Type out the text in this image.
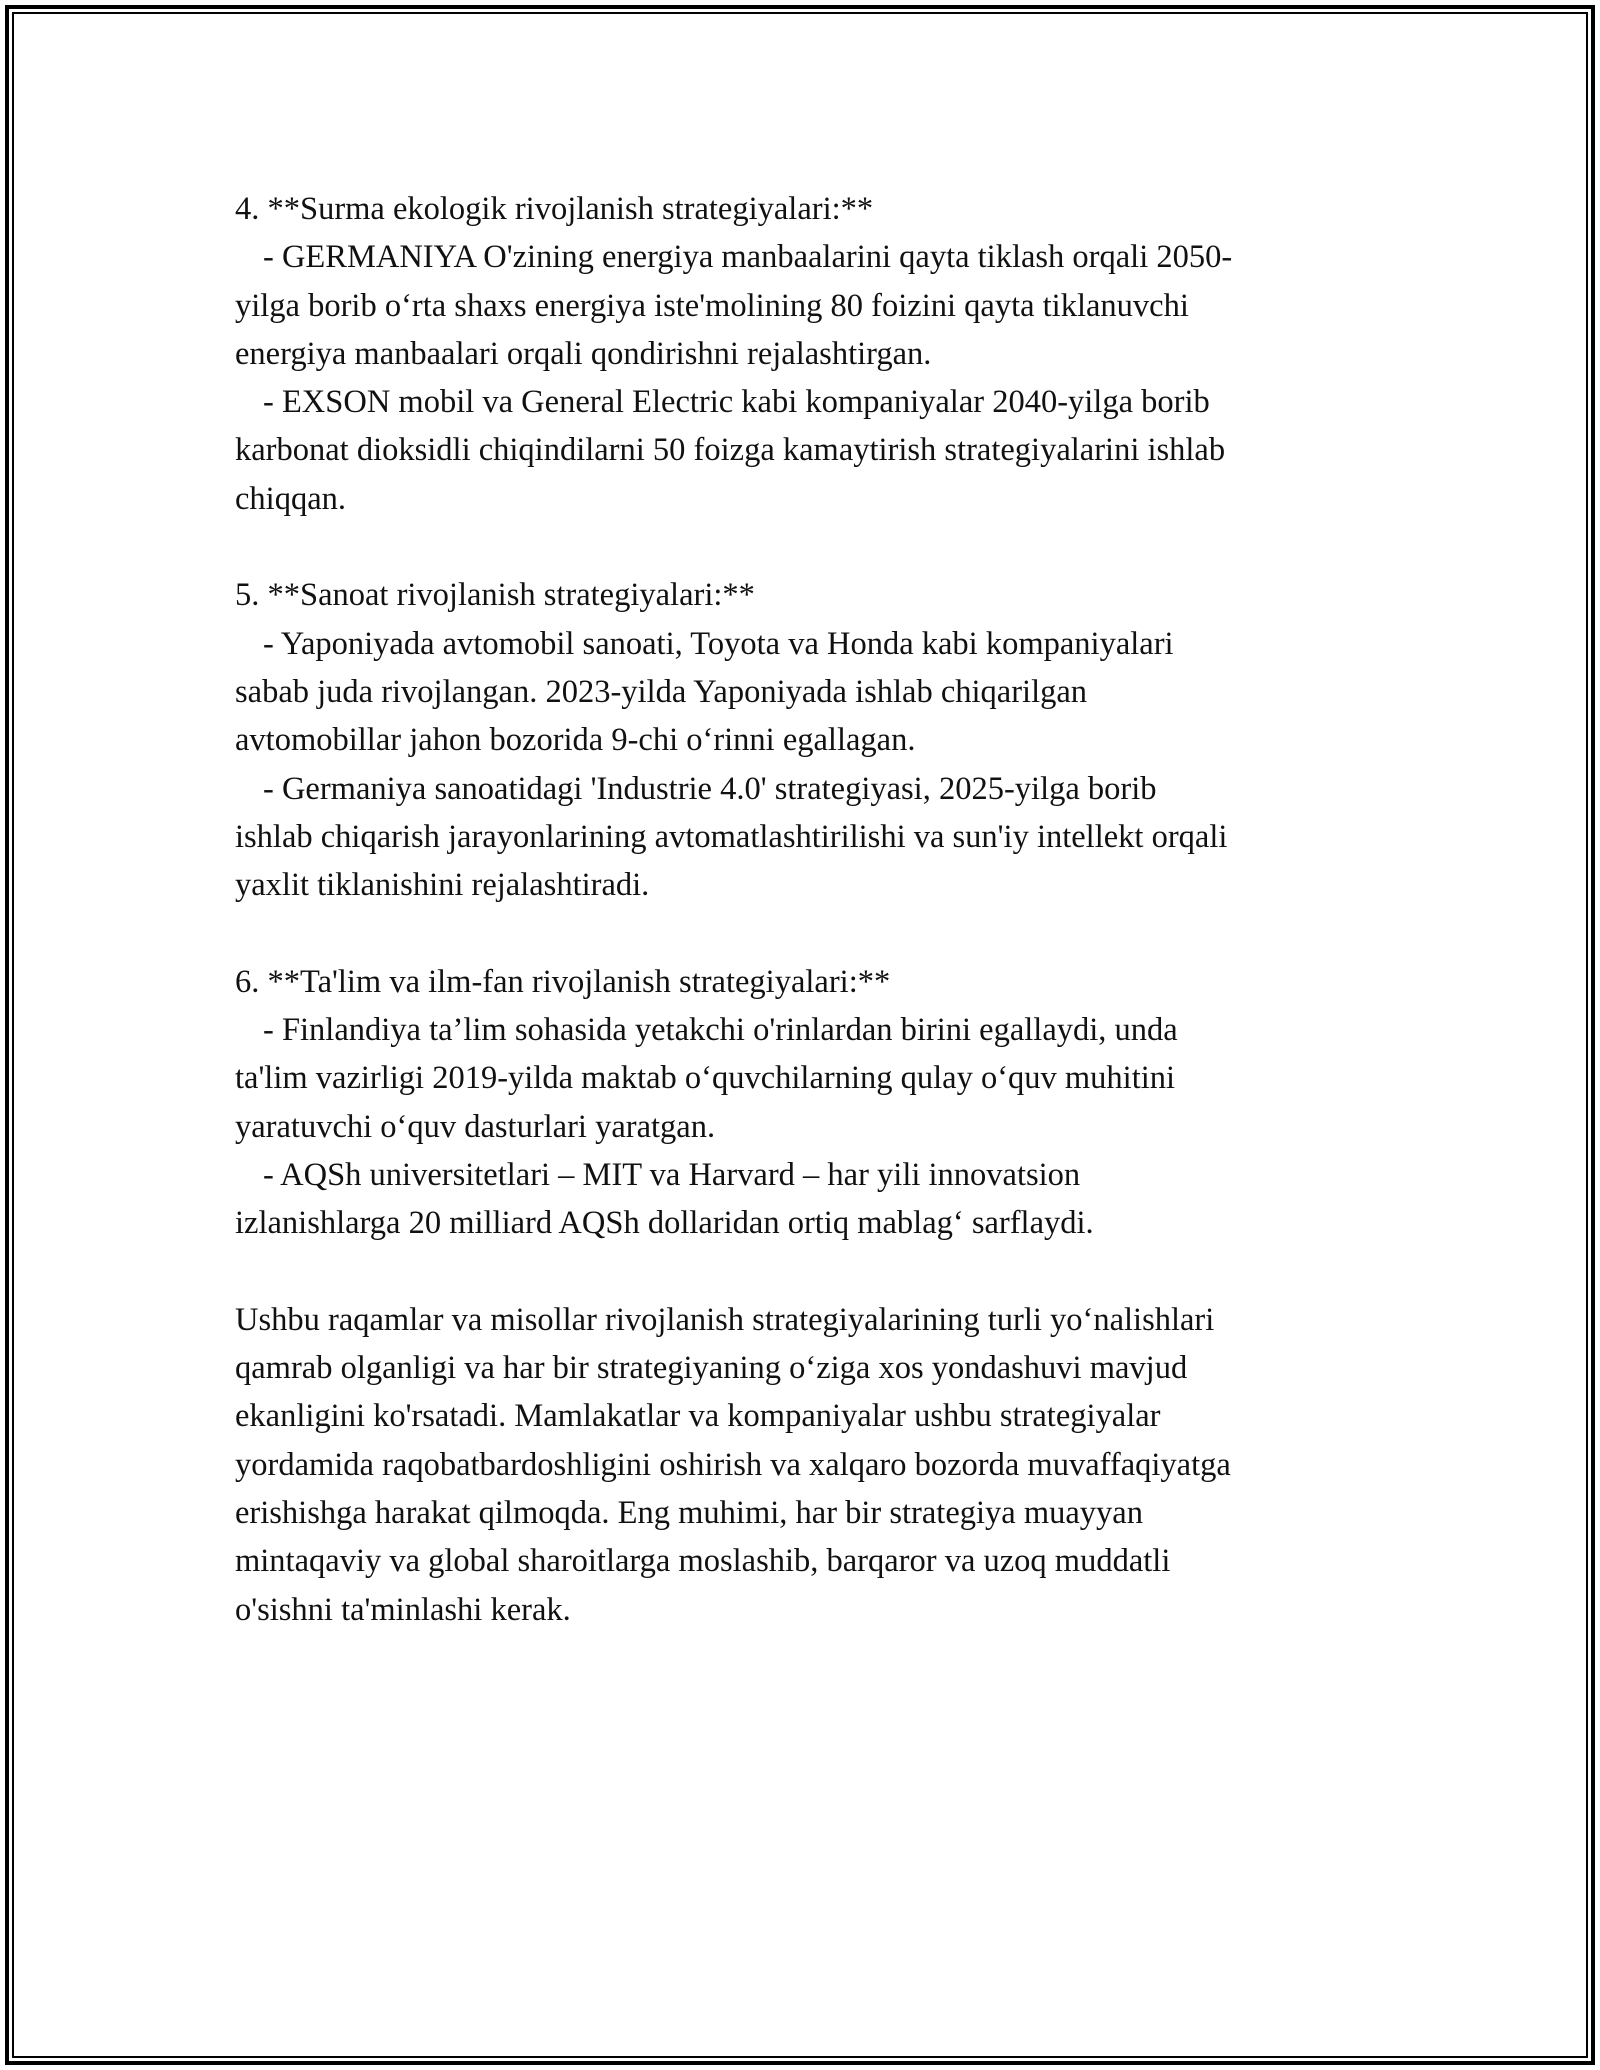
4. **Surma ekologik rivojlanish strategiyalari:**
- GERMANIYA O'zining energiya manbaalarini qayta tiklash orqali 2050-
yilga borib o‘rta shaxs energiya iste'molining 80 foizini qayta tiklanuvchi
energiya manbaalari orqali qondirishni rejalashtirgan.
- EXSON mobil va General Electric kabi kompaniyalar 2040-yilga borib
karbonat dioksidli chiqindilarni 50 foizga kamaytirish strategiyalarini ishlab
chiqqan.
5. **Sanoat rivojlanish strategiyalari:**
- Yaponiyada avtomobil sanoati, Toyota va Honda kabi kompaniyalari
sabab juda rivojlangan. 2023-yilda Yaponiyada ishlab chiqarilgan
avtomobillar jahon bozorida 9-chi o‘rinni egallagan.
- Germaniya sanoatidagi 'Industrie 4.0' strategiyasi, 2025-yilga borib
ishlab chiqarish jarayonlarining avtomatlashtirilishi va sun'iy intellekt orqali
yaxlit tiklanishini rejalashtiradi.
6. **Ta'lim va ilm-fan rivojlanish strategiyalari:**
- Finlandiya ta’lim sohasida yetakchi o'rinlardan birini egallaydi, unda
ta'lim vazirligi 2019-yilda maktab o‘quvchilarning qulay o‘quv muhitini
yaratuvchi o‘quv dasturlari yaratgan.
- AQSh universitetlari – MIT va Harvard – har yili innovatsion
izlanishlarga 20 milliard AQSh dollaridan ortiq mablag‘ sarflaydi.
Ushbu raqamlar va misollar rivojlanish strategiyalarining turli yo‘nalishlari
qamrab olganligi va har bir strategiyaning o‘ziga xos yondashuvi mavjud
ekanligini ko'rsatadi. Mamlakatlar va kompaniyalar ushbu strategiyalar
yordamida raqobatbardoshligini oshirish va xalqaro bozorda muvaffaqiyatga
erishishga harakat qilmoqda. Eng muhimi, har bir strategiya muayyan
mintaqaviy va global sharoitlarga moslashib, barqaror va uzoq muddatli
o'sishni ta'minlashi kerak.
